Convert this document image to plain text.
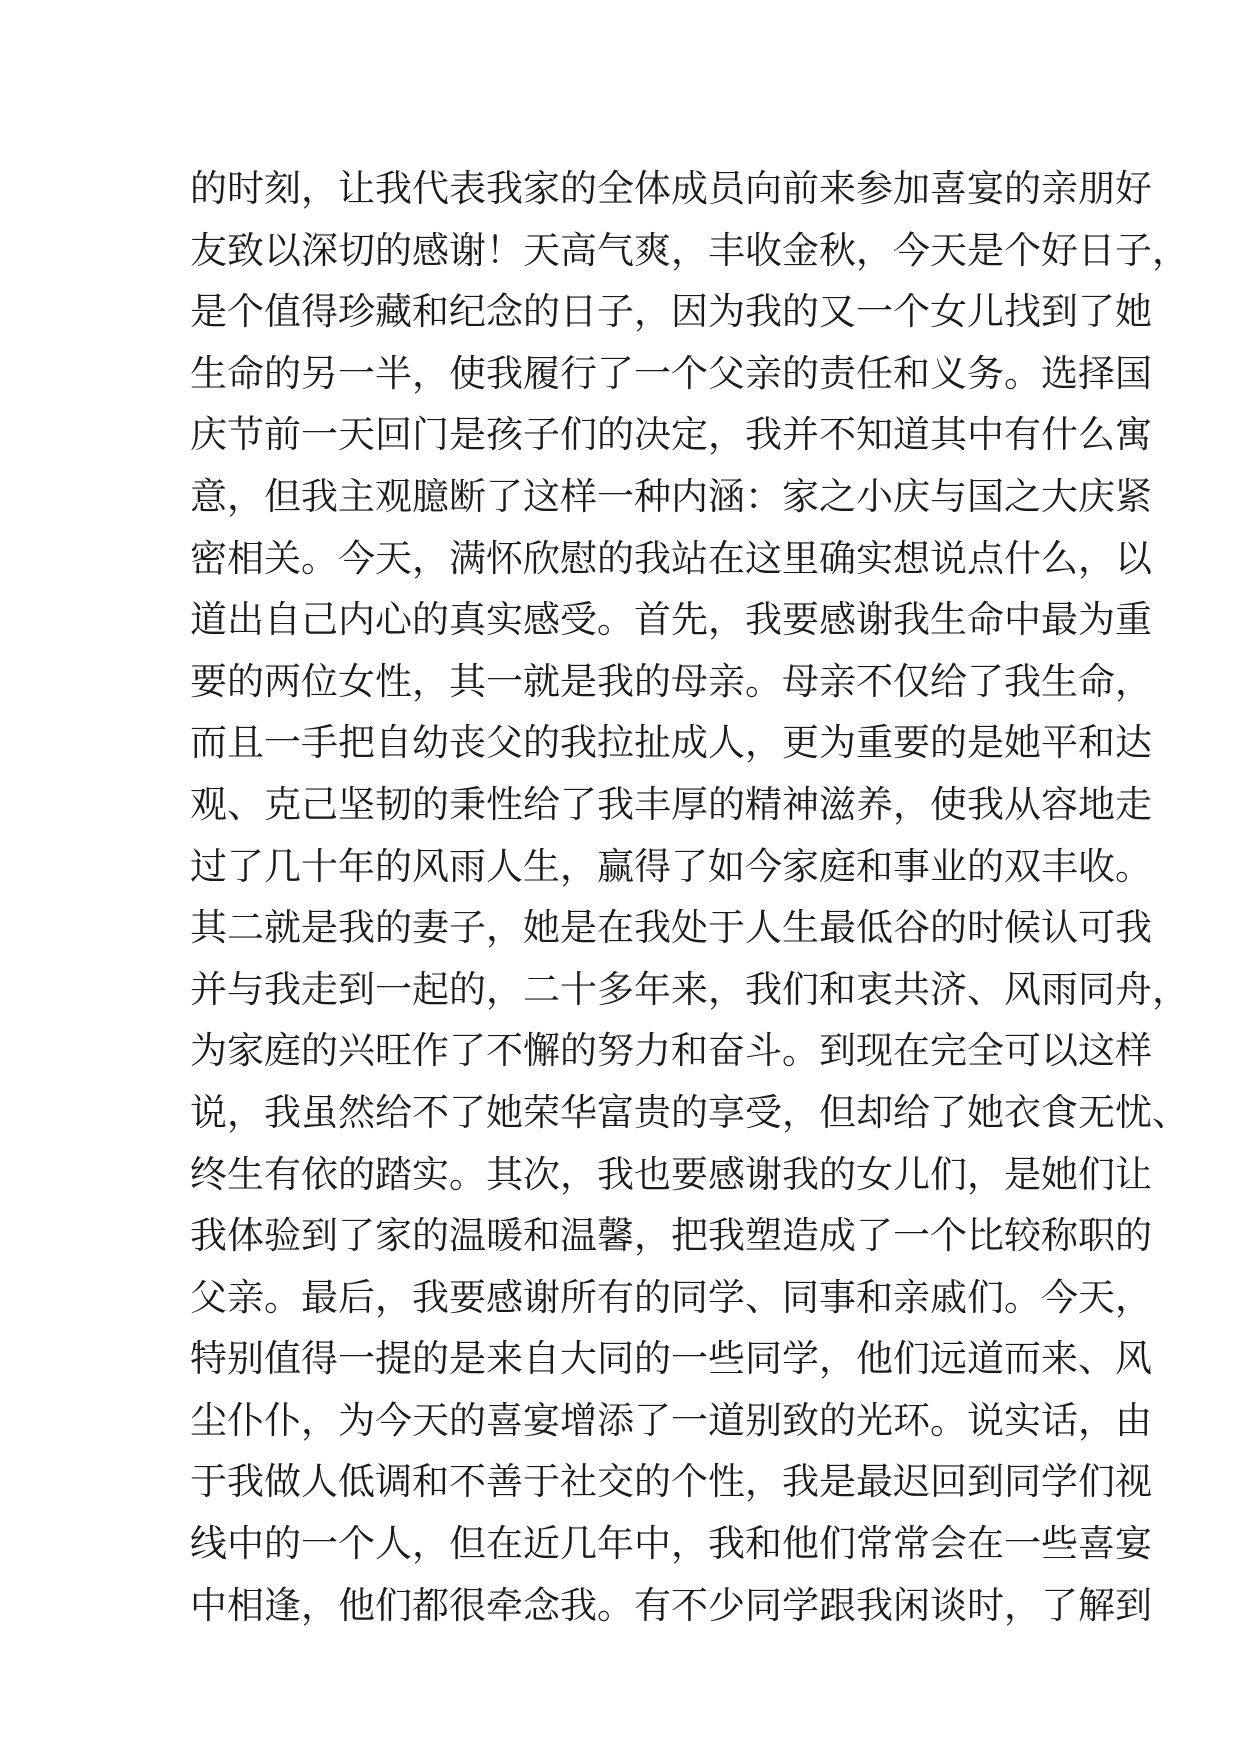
的时刻，让我代表我家的全体成员向前来参加喜宴的亲朋好
友致以深切的感谢！天高气爽，丰收金秋，今天是个好日子，
是个值得珍藏和纪念的日子，因为我的又一个女儿找到了她
生命的另一半，使我履行了一个父亲的责任和义务。选择国
庆节前一天回门是孩子们的决定，我并不知道其中有什么寓
意，但我主观臆断了这样一种内涵：家之小庆与国之大庆紧
密相关。今天，满怀欣慰的我站在这里确实想说点什么，以
道出自己内心的真实感受。首先，我要感谢我生命中最为重
要的两位女性，其一就是我的母亲。母亲不仅给了我生命，
而且一手把自幼丧父的我拉扯成人，更为重要的是她平和达
观、克己坚韧的秉性给了我丰厚的精神滋养，使我从容地走
过了几十年的风雨人生，赢得了如今家庭和事业的双丰收。
其二就是我的妻子，她是在我处于人生最低谷的时候认可我
并与我走到一起的，二十多年来，我们和衷共济、风雨同舟，
为家庭的兴旺作了不懈的努力和奋斗。到现在完全可以这样
说，我虽然给不了她荣华富贵的享受，但却给了她衣食无忧、
终生有依的踏实。其次，我也要感谢我的女儿们，是她们让
我体验到了家的温暖和温馨，把我塑造成了一个比较称职的
父亲。最后，我要感谢所有的同学、同事和亲戚们。今天，
特别值得一提的是来自大同的一些同学，他们远道而来、风
尘仆仆，为今天的喜宴增添了一道别致的光环。说实话，由
于我做人低调和不善于社交的个性，我是最迟回到同学们视
线中的一个人，但在近几年中，我和他们常常会在一些喜宴
中相逢，他们都很牵念我。有不少同学跟我闲谈时，了解到
